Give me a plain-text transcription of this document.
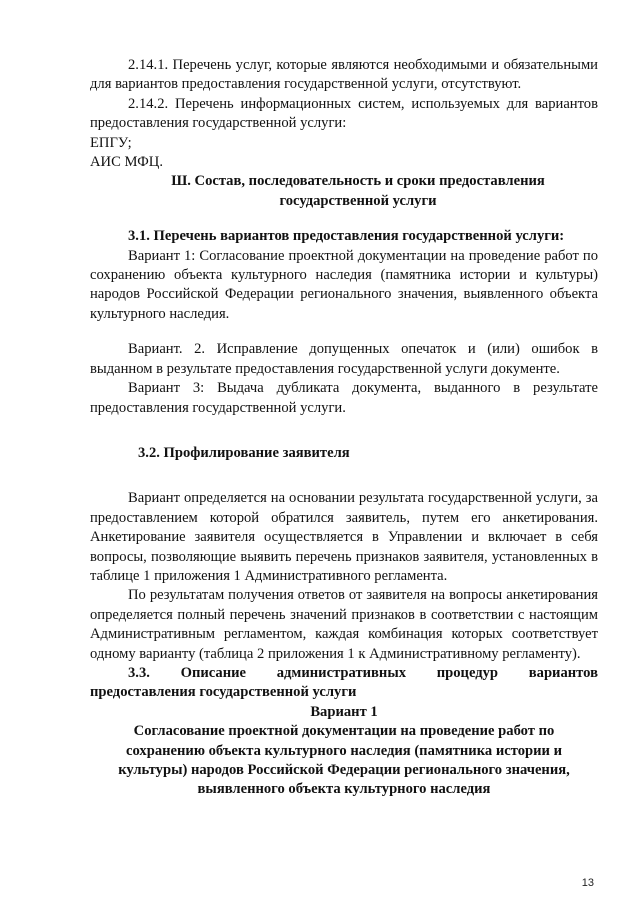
2.14.1. Перечень услуг, которые являются необходимыми и обязательными для вариантов предоставления государственной услуги, отсутствуют.

2.14.2. Перечень информационных систем, используемых для вариантов предоставления государственной услуги:

ЕПГУ;

АИС МФЦ.

Ш. Состав, последовательность и сроки предоставления государственной услуги

3.1. Перечень вариантов предоставления государственной услуги:

Вариант 1: Согласование проектной документации на проведение работ по сохранению объекта культурного наследия (памятника истории и культуры) народов Российской Федерации регионального значения, выявленного объекта культурного наследия.

Вариант. 2. Исправление допущенных опечаток и (или) ошибок в выданном в результате предоставления государственной услуги документе.

Вариант 3: Выдача дубликата документа, выданного в результате предоставления государственной услуги.

3.2. Профилирование заявителя

Вариант определяется на основании результата государственной услуги, за предоставлением которой обратился заявитель, путем его анкетирования. Анкетирование заявителя осуществляется в Управлении и включает в себя вопросы, позволяющие выявить перечень признаков заявителя, установленных в таблице 1 приложения 1 Административного регламента.

По результатам получения ответов от заявителя на вопросы анкетирования определяется полный перечень значений признаков в соответствии с настоящим Административным регламентом, каждая комбинация которых соответствует одному варианту (таблица 2 приложения 1 к Административному регламенту).

3.3. Описание административных процедур вариантов

предоставления государственной услуги

Вариант 1

Согласование проектной документации на проведение работ по сохранению объекта культурного наследия (памятника истории и культуры) народов Российской Федерации регионального значения, выявленного объекта культурного наследия

13
